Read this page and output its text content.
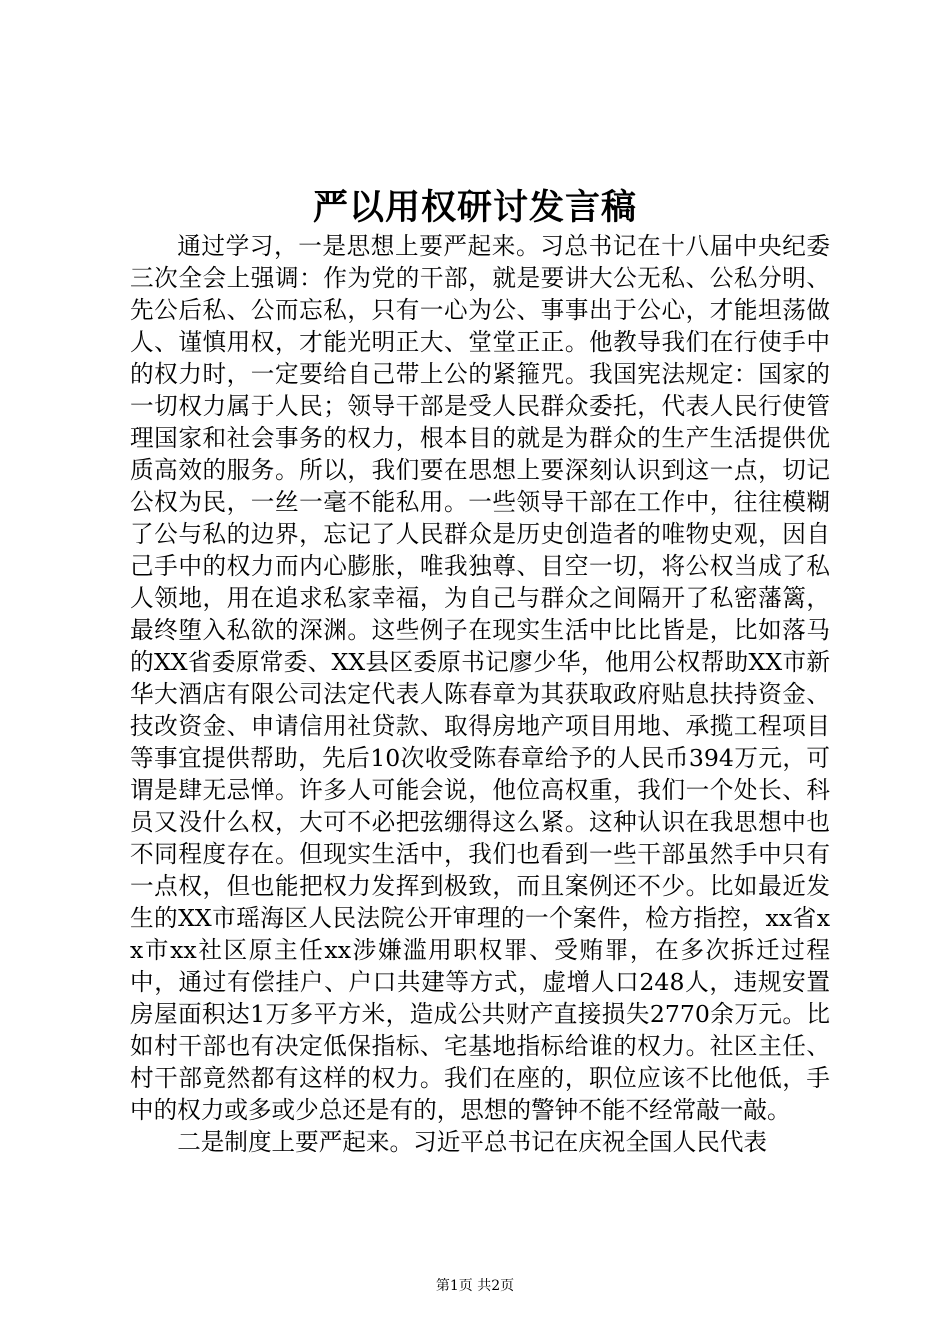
严以用权研讨发言稿

通过学习，一是思想上要严起来。习总书记在十八届中央纪委三次全会上强调：作为党的干部，就是要讲大公无私、公私分明、先公后私、公而忘私，只有一心为公、事事出于公心，才能坦荡做人、谨慎用权，才能光明正大、堂堂正正。他教导我们在行使手中的权力时，一定要给自己带上公的紧箍咒。我国宪法规定：国家的一切权力属于人民；领导干部是受人民群众委托，代表人民行使管理国家和社会事务的权力，根本目的就是为群众的生产生活提供优质高效的服务。所以，我们要在思想上要深刻认识到这一点，切记公权为民，一丝一毫不能私用。一些领导干部在工作中，往往模糊了公与私的边界，忘记了人民群众是历史创造者的唯物史观，因自己手中的权力而内心膨胀，唯我独尊、目空一切，将公权当成了私人领地，用在追求私家幸福，为自己与群众之间隔开了私密藩篱，最终堕入私欲的深渊。这些例子在现实生活中比比皆是，比如落马的XX省委原常委、XX县区委原书记廖少华，他用公权帮助XX市新华大酒店有限公司法定代表人陈春章为其获取政府贴息扶持资金、技改资金、申请信用社贷款、取得房地产项目用地、承揽工程项目等事宜提供帮助，先后10次收受陈春章给予的人民币394万元，可谓是肆无忌惮。许多人可能会说，他位高权重，我们一个处长、科员又没什么权，大可不必把弦绷得这么紧。这种认识在我思想中也不同程度存在。但现实生活中，我们也看到一些干部虽然手中只有一点权，但也能把权力发挥到极致，而且案例还不少。比如最近发生的XX市瑶海区人民法院公开审理的一个案件，检方指控，xx省xx市xx社区原主任xx涉嫌滥用职权罪、受贿罪，在多次拆迁过程中，通过有偿挂户、户口共建等方式，虚增人口248人，违规安置房屋面积达1万多平方米，造成公共财产直接损失2770余万元。比如村干部也有决定低保指标、宅基地指标给谁的权力。社区主任、村干部竟然都有这样的权力。我们在座的，职位应该不比他低，手中的权力或多或少总还是有的，思想的警钟不能不经常敲一敲。

二是制度上要严起来。习近平总书记在庆祝全国人民代表

第1页 共2页
